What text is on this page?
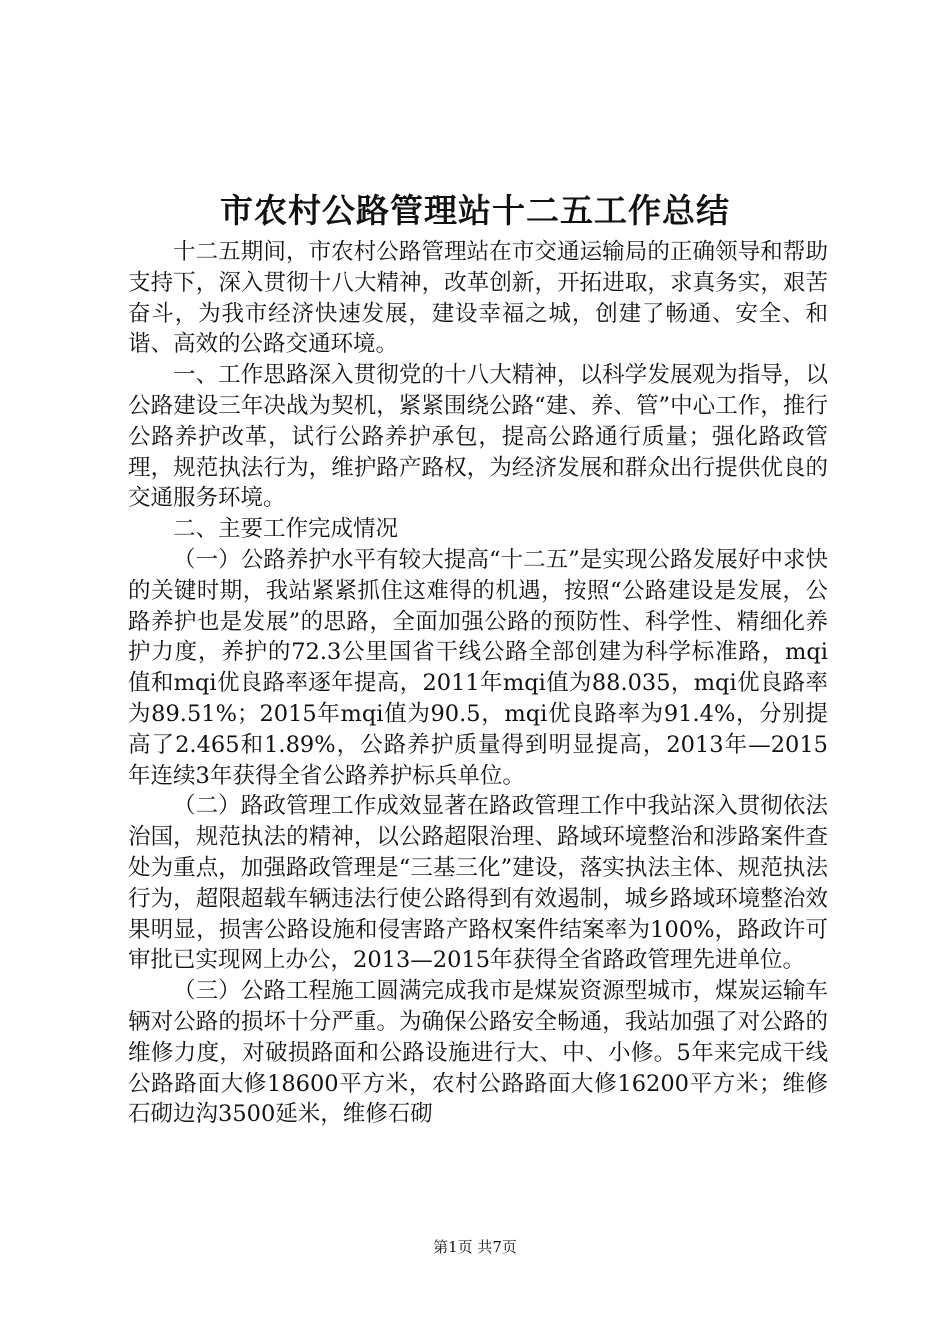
市农村公路管理站十二五工作总结

十二五期间，市农村公路管理站在市交通运输局的正确领导和帮助支持下，深入贯彻十八大精神，改革创新，开拓进取，求真务实，艰苦奋斗，为我市经济快速发展，建设幸福之城，创建了畅通、安全、和谐、高效的公路交通环境。

一、工作思路深入贯彻党的十八大精神，以科学发展观为指导，以公路建设三年决战为契机，紧紧围绕公路“建、养、管”中心工作，推行公路养护改革，试行公路养护承包，提高公路通行质量；强化路政管理，规范执法行为，维护路产路权，为经济发展和群众出行提供优良的交通服务环境。

二、主要工作完成情况

（一）公路养护水平有较大提高“十二五”是实现公路发展好中求快的关键时期，我站紧紧抓住这难得的机遇，按照“公路建设是发展，公路养护也是发展”的思路，全面加强公路的预防性、科学性、精细化养护力度，养护的72.3公里国省干线公路全部创建为科学标准路，mqi值和mqi优良路率逐年提高，2011年mqi值为88.035，mqi优良路率为89.51%；2015年mqi值为90.5，mqi优良路率为91.4%，分别提高了2.465和1.89%，公路养护质量得到明显提高，2013年—2015年连续3年获得全省公路养护标兵单位。

（二）路政管理工作成效显著在路政管理工作中我站深入贯彻依法治国，规范执法的精神，以公路超限治理、路域环境整治和涉路案件查处为重点，加强路政管理是“三基三化”建设，落实执法主体、规范执法行为，超限超载车辆违法行使公路得到有效遏制，城乡路域环境整治效果明显，损害公路设施和侵害路产路权案件结案率为100%，路政许可审批已实现网上办公，2013—2015年获得全省路政管理先进单位。

（三）公路工程施工圆满完成我市是煤炭资源型城市，煤炭运输车辆对公路的损坏十分严重。为确保公路安全畅通，我站加强了对公路的维修力度，对破损路面和公路设施进行大、中、小修。5年来完成干线公路路面大修18600平方米，农村公路路面大修16200平方米；维修石砌边沟3500延米，维修石砌

第1页 共7页
